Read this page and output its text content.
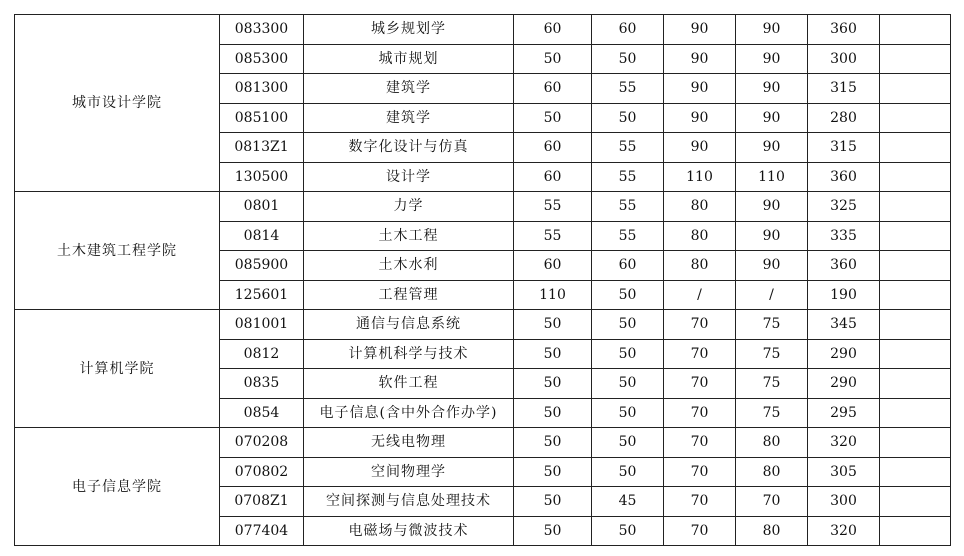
城市设计学院	083300	城乡规划学	60	60	90	90	360	
	085300	城市规划	50	50	90	90	300	
	081300	建筑学	60	55	90	90	315	
	085100	建筑学	50	50	90	90	280	
	0813Z1	数字化设计与仿真	60	55	90	90	315	
	130500	设计学	60	55	110	110	360	
土木建筑工程学院	0801	力学	55	55	80	90	325	
	0814	土木工程	55	55	80	90	335	
	085900	土木水利	60	60	80	90	360	
	125601	工程管理	110	50	/	/	190	
计算机学院	081001	通信与信息系统	50	50	70	75	345	
	0812	计算机科学与技术	50	50	70	75	290	
	0835	软件工程	50	50	70	75	290	
	0854	电子信息(含中外合作办学)	50	50	70	75	295	
电子信息学院	070208	无线电物理	50	50	70	80	320	
	070802	空间物理学	50	50	70	80	305	
	0708Z1	空间探测与信息处理技术	50	45	70	70	300	
	077404	电磁场与微波技术	50	50	70	80	320	
